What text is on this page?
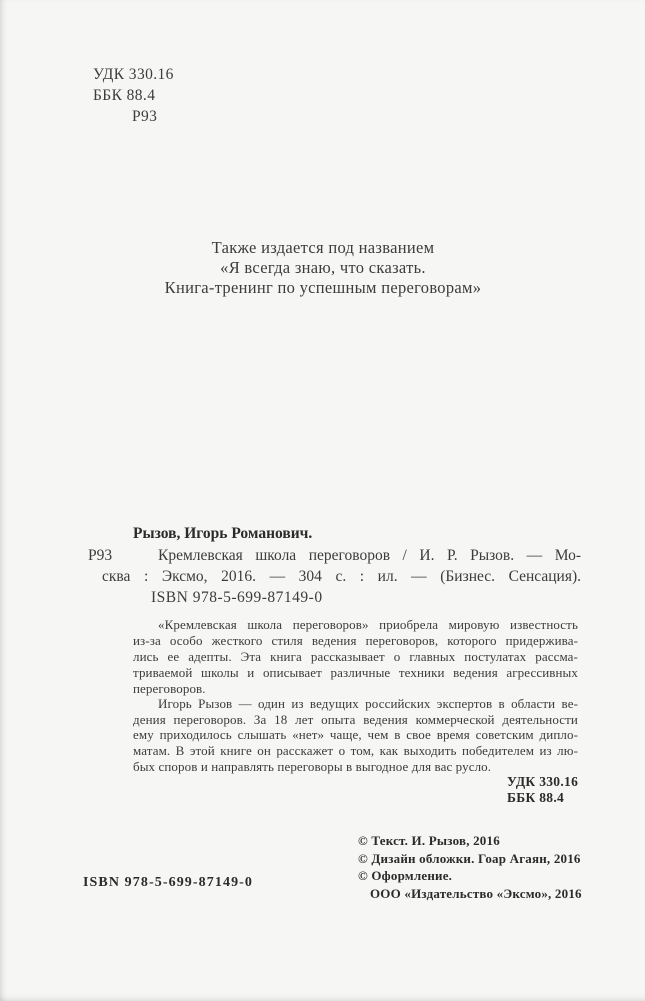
УДК 330.16
ББК 88.4
Р93
Также издается под названием
«Я всегда знаю, что сказать.
Книга-тренинг по успешным переговорам»
Рызов, Игорь Романович.
Р93	Кремлевская школа переговоров / И. Р. Рызов. — Мо-
сква : Эксмо, 2016. — 304 с. : ил. — (Бизнес. Сенсация).
ISBN 978-5-699-87149-0
«Кремлевская школа переговоров» приобрела мировую известность
из-за особо жесткого стиля ведения переговоров, которого придержива-
лись ее адепты. Эта книга рассказывает о главных постулатах рассма-
триваемой школы и описывает различные техники ведения агрессивных
переговоров.
Игорь Рызов — один из ведущих российских экспертов в области ве-
дения переговоров. За 18 лет опыта ведения коммерческой деятельности
ему приходилось слышать «нет» чаще, чем в свое время советским дипло-
матам. В этой книге он расскажет о том, как выходить победителем из лю-
бых споров и направлять переговоры в выгодное для вас русло.
УДК 330.16
ББК 88.4
© Текст. И. Рызов, 2016
© Дизайн обложки. Гоар Агаян, 2016
© Оформление.
ООО «Издательство «Эксмо», 2016
ISBN 978-5-699-87149-0
